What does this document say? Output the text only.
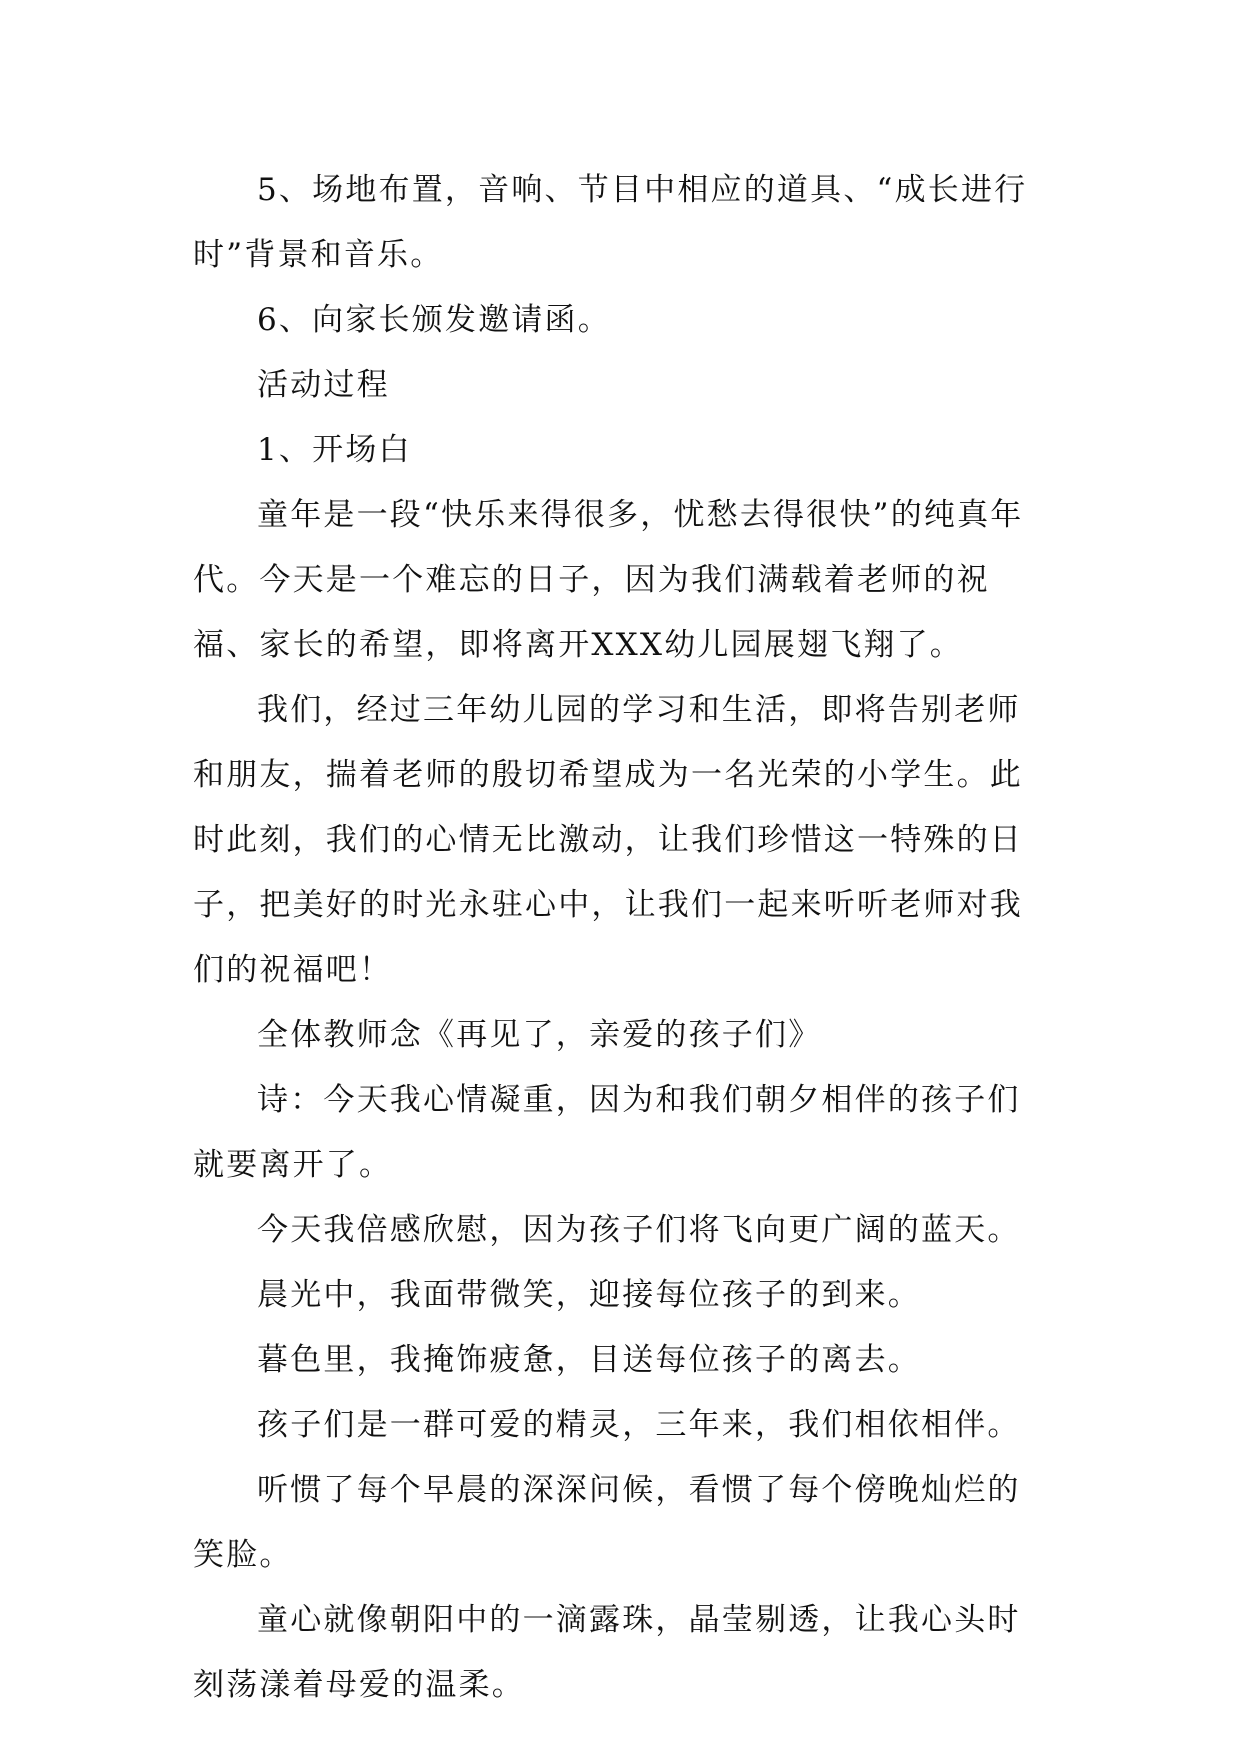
5、场地布置，音响、节目中相应的道具、“成长进行时”背景和音乐。

6、向家长颁发邀请函。

活动过程

1、开场白

童年是一段“快乐来得很多，忧愁去得很快”的纯真年代。今天是一个难忘的日子，因为我们满载着老师的祝福、家长的希望，即将离开XXX幼儿园展翅飞翔了。

我们，经过三年幼儿园的学习和生活，即将告别老师和朋友，揣着老师的殷切希望成为一名光荣的小学生。此时此刻，我们的心情无比激动，让我们珍惜这一特殊的日子，把美好的时光永驻心中，让我们一起来听听老师对我们的祝福吧！

全体教师念《再见了，亲爱的孩子们》

诗：今天我心情凝重，因为和我们朝夕相伴的孩子们就要离开了。

今天我倍感欣慰，因为孩子们将飞向更广阔的蓝天。

晨光中，我面带微笑，迎接每位孩子的到来。

暮色里，我掩饰疲惫，目送每位孩子的离去。

孩子们是一群可爱的精灵，三年来，我们相依相伴。

听惯了每个早晨的深深问候，看惯了每个傍晚灿烂的笑脸。

童心就像朝阳中的一滴露珠，晶莹剔透，让我心头时刻荡漾着母爱的温柔。
